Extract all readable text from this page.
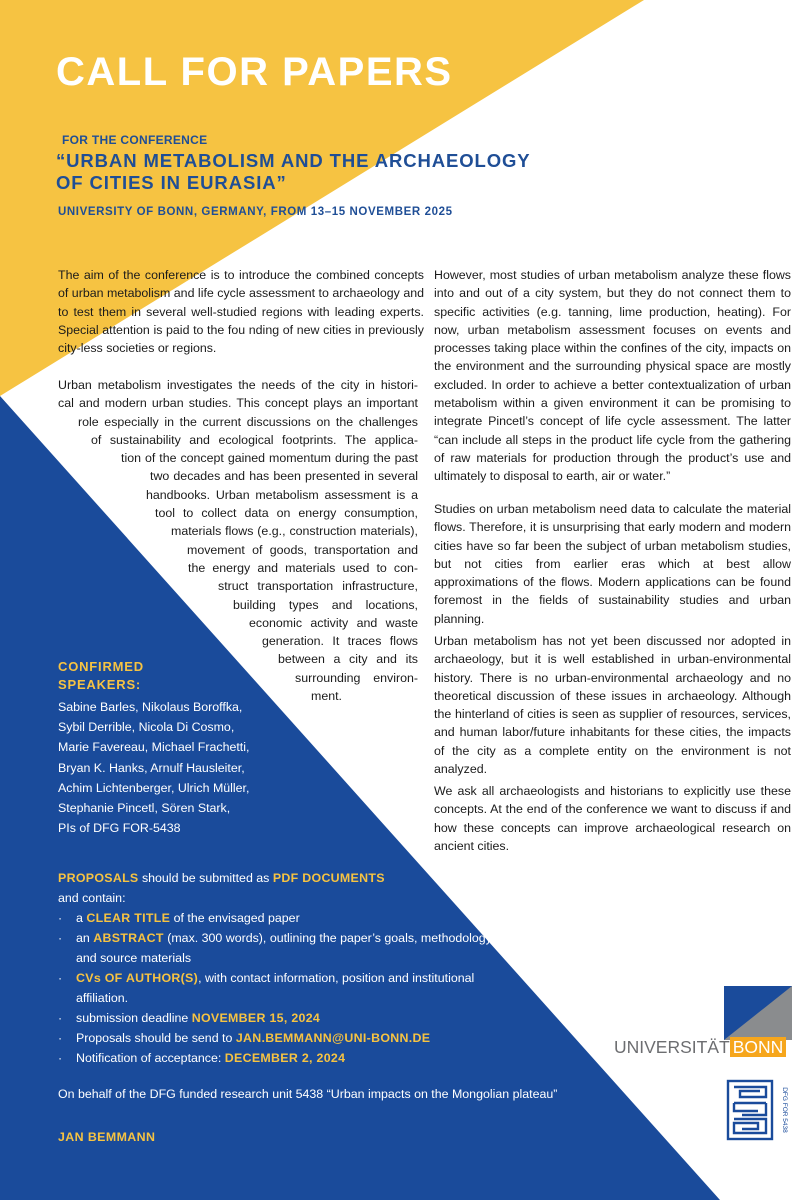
CALL FOR PAPERS
FOR THE CONFERENCE
“URBAN METABOLISM AND THE ARCHAEOLOGY
OF CITIES IN EURASIA”
UNIVERSITY OF BONN, GERMANY, FROM 13–15 NOVEMBER 2025

The aim of the conference is to introduce the combined concepts of urban metabolism and life cycle assessment to archaeology and to test them in several well-studied regions with leading experts. Special attention is paid to the fou nding of new cities in previously city-less societies or regions.

Urban metabolism investigates the needs of the city in histori-
cal and modern urban studies. This concept plays an important
role especially in the current discussions on the challenges
of sustainability and ecological footprints. The applica-
tion of the concept gained momentum during the past
two decades and has been presented in several
handbooks. Urban metabolism assessment is a
tool to collect data on energy consumption,
materials flows (e.g., construction materials),
movement of goods, transportation and
the energy and materials used to con-
struct transportation infrastructure,
building types and locations,
economic activity and waste
generation. It traces flows
between a city and its
surrounding environ-
ment.

However, most studies of urban metabolism analyze these flows into and out of a city system, but they do not connect them to specific activities (e.g. tanning, lime production, heating). For now, urban metabolism assessment focuses on events and processes taking place within the confines of the city, impacts on the environment and the surrounding physical space are mostly excluded. In order to achieve a better contextualization of urban metabolism within a given environment it can be promising to integrate Pincetl’s concept of life cycle assessment. The latter “can include all steps in the product life cycle from the gathering of raw materials for production through the product’s use and ultimately to disposal to earth, air or water.”

Studies on urban metabolism need data to calculate the material flows. Therefore, it is unsurprising that early modern and modern cities have so far been the subject of urban metabolism studies, but not cities from earlier eras which at best allow approximations of the flows. Modern applications can be found foremost in the fields of sustainability studies and urban planning.

Urban metabolism has not yet been discussed nor adopted in archaeology, but it is well established in urban-environmental history. There is no urban-environmental archaeology and no theoretical discussion of these issues in archaeology. Although the hinterland of cities is seen as supplier of resources, services, and human labor/future inhabitants for these cities, the impacts of the city as a complete entity on the environment is not analyzed.

We ask all archaeologists and historians to explicitly use these concepts. At the end of the conference we want to discuss if and how these concepts can improve archaeological research on ancient cities.

CONFIRMED
SPEAKERS:
Sabine Barles, Nikolaus Boroffka,
Sybil Derrible, Nicola Di Cosmo,
Marie Favereau, Michael Frachetti,
Bryan K. Hanks, Arnulf Hausleiter,
Achim Lichtenberger, Ulrich Müller,
Stephanie Pincetl, Sören Stark,
PIs of DFG FOR-5438
PROPOSALS should be submitted as PDF DOCUMENTS
and contain:
· a CLEAR TITLE of the envisaged paper
· an ABSTRACT (max. 300 words), outlining the paper’s goals, methodology and source materials
· CVs OF AUTHOR(S), with contact information, position and institutional affiliation.
· submission deadline NOVEMBER 15, 2024
· Proposals should be send to JAN.BEMMANN@UNI-BONN.DE
· Notification of acceptance: DECEMBER 2, 2024
On behalf of the DFG funded research unit 5438 “Urban impacts on the Mongolian plateau”
JAN BEMMANN
UNIVERSITÄT BONN
DFG FOR 5438
